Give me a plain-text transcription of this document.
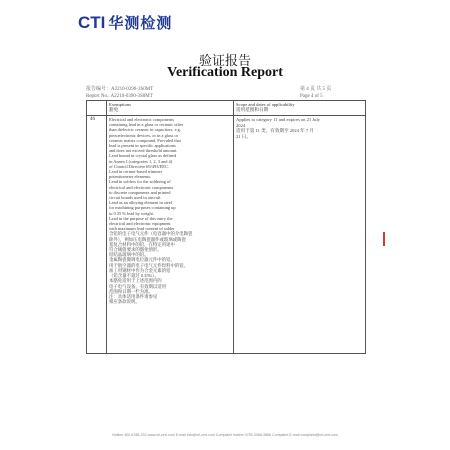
CTI 华测检测
验证报告
Verification Report
报告编号：A2210-0390-3S0MT
Report No.: A2210-0390-3S0MT
第 4 页 共 5 页
Page 4 of 5
Exemptions
豁免
Scope and dates of applicability
适用范围和日期
46	Electrical and electronic components
containing lead in a glass or ceramic other
than dielectric ceramic in capacitors, e.g.
piezoelectronic devices, or in a glass or
ceramic matrix compound. Provided that
lead is present in specific applications
and does not exceed threshold amount.
Lead bound in crystal glass as defined
in Annex I (categories 1, 2, 3 and 4)
of Council Directive 69/493/EEC.
Lead in cermet-based trimmer
potentiometer elements.
Lead in solders for the soldering of
electrical and electronic components
to discrete components and printed
circuit boards used in aircraft.
Lead as an alloying element in steel
for machining purposes containing up
to 0.35 % lead by weight.
Lead in the purpose of this entry the
electrical and electronic equipment
with maximum lead content of solder
含铅的电子电气元件（电容器中的介电陶瓷
除外），例如压电陶瓷器件或玻璃或陶瓷
基复合材料中的铅，在特定用途中
符合阈值要求的豁免情形。
铅结晶玻璃中的铅。
金属陶瓷微调电位器元件中的铅。
用于航空器的电子电气元件焊料中的铅。
加工用钢材中作为合金元素的铅
（铅含量不超过 0.35%）。
本豁免适用于上述范围内的
电子电气设备，有效期以适用
范围和日期一栏为准。
注：具体适用条件请参见
相应条款说明。
Applies to category 11 and expires on 21 July
2024
适用于第 11 类，有效期至 2024 年 7 月
21 日。
Hotline 400-6788-333 www.cti-cert.com E-mail info@cti-cert.com Complaint hotline 0755-3368-3666 Complaint E-mail complaint@cti-cert.com
